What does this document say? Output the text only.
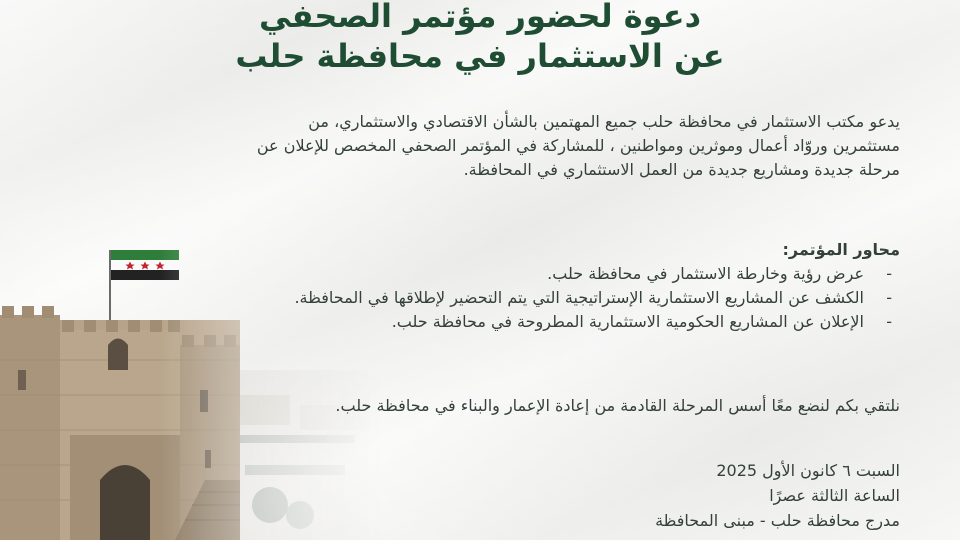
دعوة لحضور مؤتمر الصحفي
عن الاستثمار في محافظة حلب

يدعو مكتب الاستثمار في محافظة حلب جميع المهتمين بالشأن الاقتصادي والاستثماري، من

مستثمرين وروّاد أعمال وموثرين ومواطنين ، للمشاركة في المؤتمر الصحفي المخصص للإعلان عن

مرحلة جديدة ومشاريع جديدة من العمل الاستثماري في المحافظة.

محاور المؤتمر:

-
عرض رؤية وخارطة الاستثمار في محافظة حلب.
-
الكشف عن المشاريع الاستثمارية الإستراتيجية التي يتم التحضير لإطلاقها في المحافظة.
-
الإعلان عن المشاريع الحكومية الاستثمارية المطروحة في محافظة حلب.

نلتقي بكم لنضع معًا أسس المرحلة القادمة من إعادة الإعمار والبناء في محافظة حلب.

السبت ٦ كانون الأول 2025

الساعة الثالثة عصرًا

مدرج محافظة حلب - مبنى المحافظة
